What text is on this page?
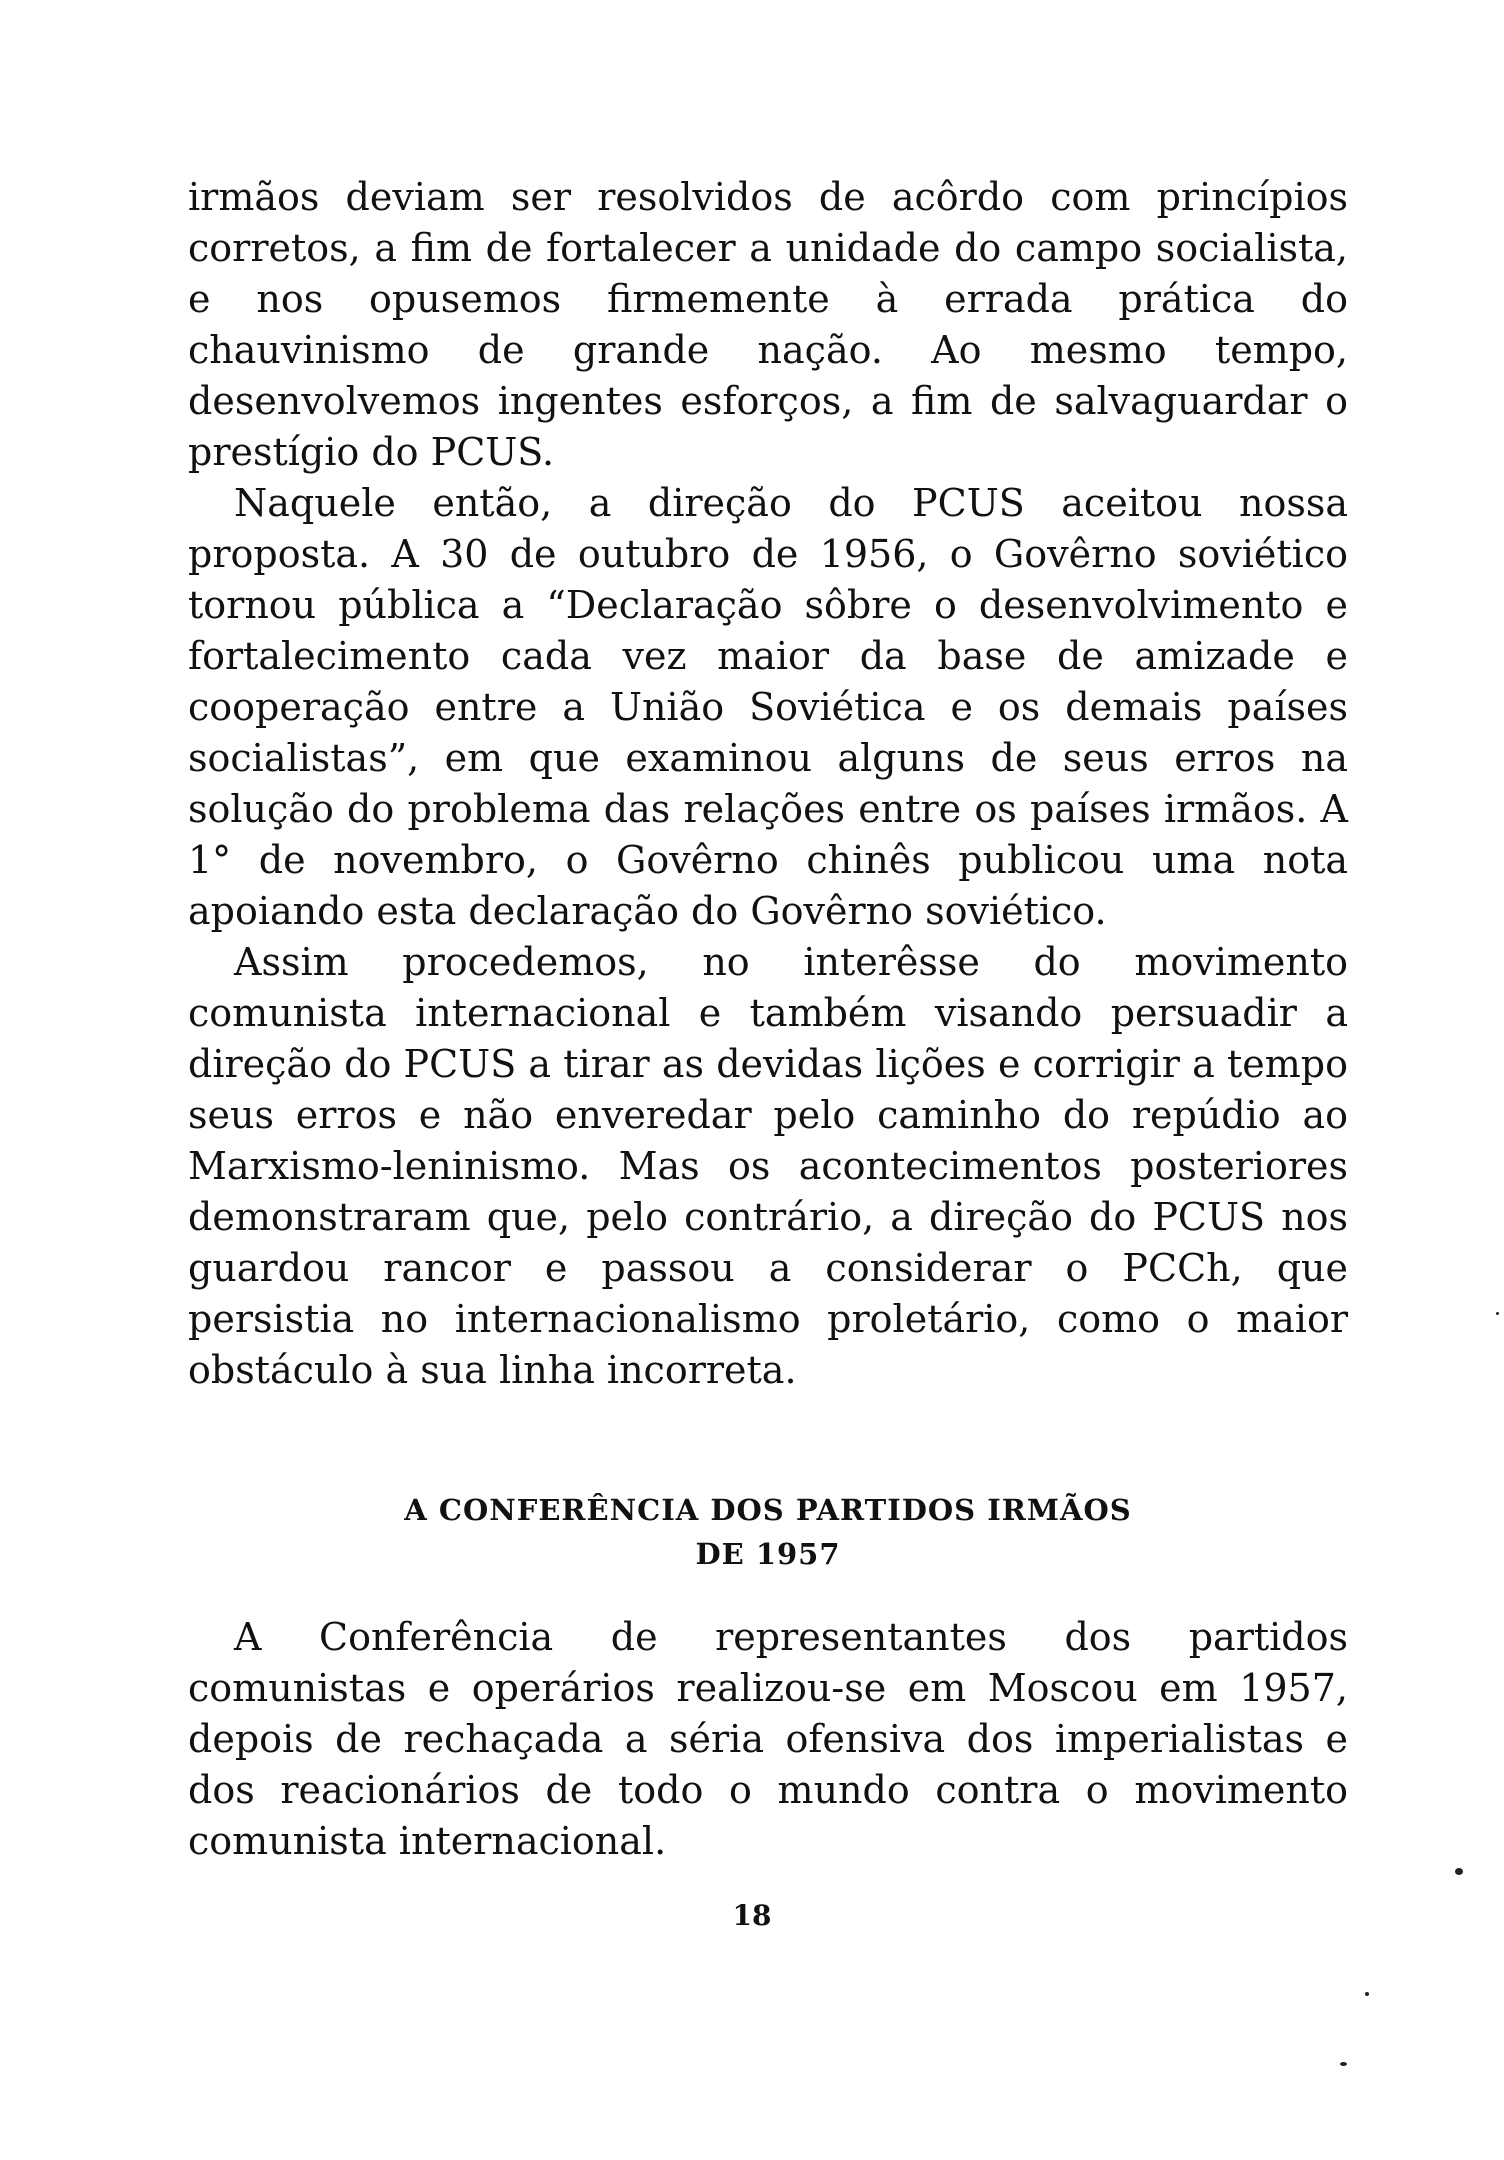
irmãos deviam ser resolvidos de acôrdo com princípios corretos, a fim de fortalecer a unidade do campo socialista, e nos opusemos firmemente à errada prática do chauvinismo de grande nação. Ao mesmo tempo, desenvolvemos ingentes esforços, a fim de salvaguardar o prestígio do PCUS.

Naquele então, a direção do PCUS aceitou nossa proposta. A 30 de outubro de 1956, o Govêrno soviético tornou pública a “Declaração sôbre o desenvolvimento e fortalecimento cada vez maior da base de amizade e cooperação entre a União Soviética e os demais países socialistas”, em que examinou alguns de seus erros na solução do problema das relações entre os países irmãos. A 1° de novembro, o Govêrno chinês publicou uma nota apoiando esta declaração do Govêrno soviético.

Assim procedemos, no interêsse do movimento comunista internacional e também visando persuadir a direção do PCUS a tirar as devidas lições e corrigir a tempo seus erros e não enveredar pelo caminho do repúdio ao Marxismo-leninismo. Mas os acontecimentos posteriores demonstraram que, pelo contrário, a direção do PCUS nos guardou rancor e passou a considerar o PCCh, que persistia no internacionalismo proletário, como o maior obstáculo à sua linha incorreta.

A CONFERÊNCIA DOS PARTIDOS IRMÃOS
DE 1957

A Conferência de representantes dos partidos comunistas e operários realizou-se em Moscou em 1957, depois de rechaçada a séria ofensiva dos imperialistas e dos reacionários de todo o mundo contra o movimento comunista internacional.

18
